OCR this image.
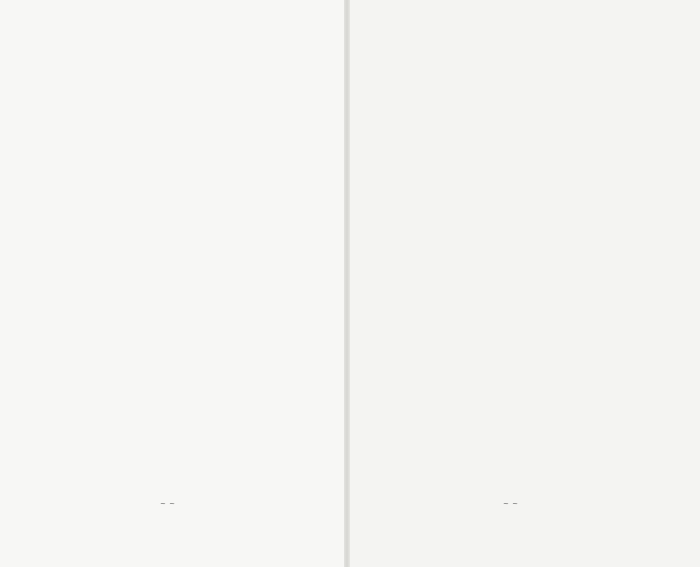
~ ~	~ ~
